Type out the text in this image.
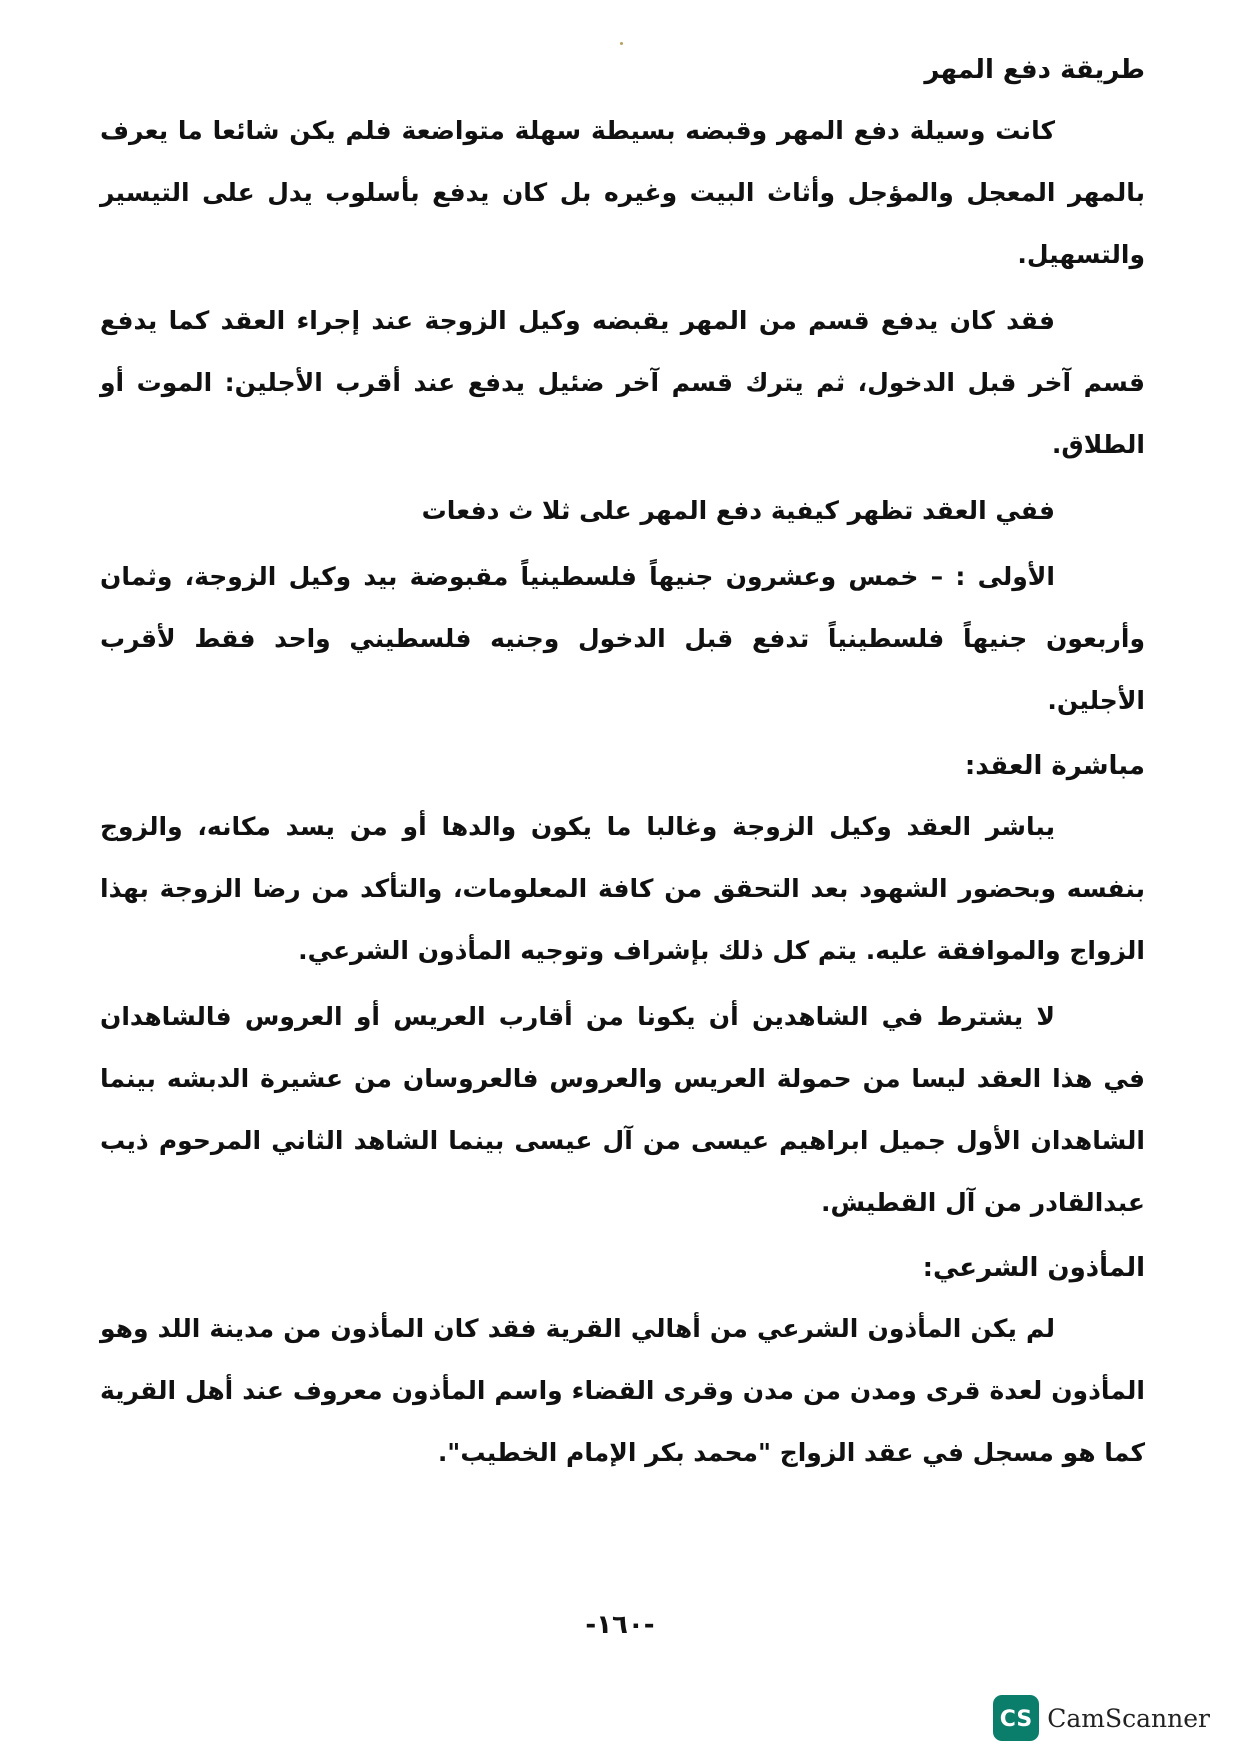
طريقة دفع المهر

كانت وسيلة دفع المهر وقبضه بسيطة سهلة متواضعة فلم يكن شائعا ما يعرف بالمهر المعجل والمؤجل وأثاث البيت وغيره بل كان يدفع بأسلوب يدل على التيسير والتسهيل.

فقد كان يدفع قسم من المهر يقبضه وكيل الزوجة عند إجراء العقد كما يدفع قسم آخر قبل الدخول، ثم يترك قسم آخر ضئيل يدفع عند أقرب الأجلين: الموت أو الطلاق.

ففي العقد تظهر كيفية دفع المهر على ثلا ث دفعات

الأولى : – خمس وعشرون جنيهاً فلسطينياً مقبوضة بيد وكيل الزوجة، وثمان وأربعون جنيهاً فلسطينياً تدفع قبل الدخول وجنيه فلسطيني واحد فقط لأقرب الأجلين.

مباشرة العقد:

يباشر العقد وكيل الزوجة وغالبا ما يكون والدها أو من يسد مكانه، والزوج بنفسه وبحضور الشهود بعد التحقق من كافة المعلومات، والتأكد من رضا الزوجة بهذا الزواج والموافقة عليه. يتم كل ذلك بإشراف وتوجيه المأذون الشرعي.

لا يشترط في الشاهدين أن يكونا من أقارب العريس أو العروس فالشاهدان في هذا العقد ليسا من حمولة العريس والعروس فالعروسان من عشيرة الدبشه بينما الشاهدان الأول جميل ابراهيم عيسى من آل عيسى بينما الشاهد الثاني المرحوم ذيب عبدالقادر من آل القطيش.

المأذون الشرعي:

لم يكن المأذون الشرعي من أهالي القرية فقد كان المأذون من مدينة اللد وهو المأذون لعدة قرى ومدن من مدن وقرى القضاء واسم المأذون معروف عند أهل القرية كما هو مسجل في عقد الزواج "محمد بكر الإمام الخطيب".

-١٦٠-
CS CamScanner
